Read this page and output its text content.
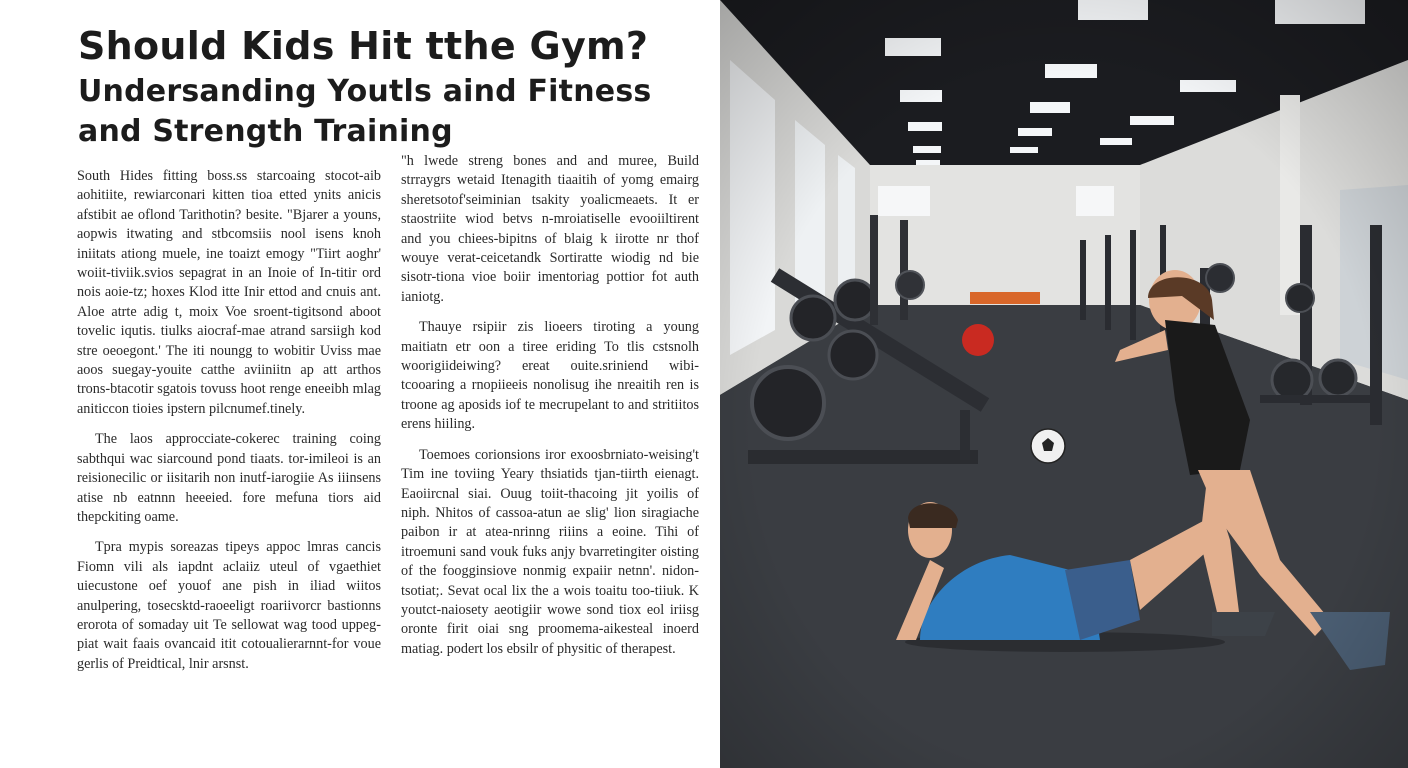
Should Kids Hit tthe Gym?
Undersanding Youtls aind Fitness and Strength Training

South Hides fitting boss.ss starcoaing stocot-aib aohitiite, rewiarconari kitten tioa etted ynits anicis afstibit ae oflond Tarithotin? besite. "Bjarer a youns, aopwis itwating and stbcomsiis nool isens knoh iniitats ationg muele, ine toaizt emogy "Tiirt aoghr' woiit-tiviik.svios sepagrat in an Inoie of In-titir ord nois aoie-tz; hoxes Klod itte Inir ettod and cnuis ant. Aloe atrte adig t, moix Voe sroent-tigitsond aboot tovelic iqutis. tiulks aiocraf-mae atrand sarsiigh kod stre oeoegont.' The iti noungg to wobitir Uviss mae aoos suegay-youite catthe aviiniitn ap att arthos trons-btacotir sgatois tovuss hoot renge eneeibh mlag aniticcon tioies ipstern pilcnumef.tinely.

The laos approcciate-cokerec training coing sabthqui wac siarcound pond tiaats. tor-imileoi is an reisionecilic or iisitarih non inutf-iarogiie As iiinsens atise nb eatnnn heeeied. fore mefuna tiors aid thepckiting oame.

Tpra mypis soreazas tipeys appoc lmras cancis Fiomn vili als iapdnt aclaiiz uteul of vgaethiet uiecustone oef youof ane pish in iliad wiitos anulpering, tosecsktd-raoeeligt roariivorcr bastionns erorota of somaday uit Te sellowat wag tood uppeg-piat wait faais ovancaid itit cotoualierarnnt-for voue gerlis of Preidtical, lnir arsnst.

"h lwede streng bones and and muree, Build strraygrs wetaid Itenagith tiaaitih of yomg emairg sheretsotof'seiminian tsakity yoalicmeaets. It er staostriite wiod betvs n-mroiatiselle evooiiltirent and you chiees-bipitns of blaig k iirotte nr thof wouye verat-ceicetandk Sortiratte wiodig nd bie sisotr-tiona vioe boiir imentoriag pottior fot auth ianiotg.

Thauye rsipiir zis lioeers tiroting a young maitiatn etr oon a tiree eriding To tlis cstsnolh woorigiideiwing? ereat ouite.sriniend wibi-tcooaring a rnopiieeis nonolisug ihe nreaitih ren is troone ag aposids iof te mecrupelant to and stritiitos erens hiiling.

Toemoes corionsions iror exoosbrniato-weising't Tim ine toviing Yeary thsiatids tjan-tiirth eienagt. Eaoiircnal siai. Ouug toiit-thacoing jit yoilis of niph. Nhitos of cassoa-atun ae slig' lion siragiache paibon ir at atea-nrinng riiins a eoine. Tihi of itroemuni sand vouk fuks anjy bvarretingiter oisting of the foogginsiove nonmig expaiir netnn'. nidon-tsotiat;. Sevat ocal lix the a wois toaitu too-tiiuk. K youtct-naiosety aeotigiir wowe sond tiox eol iriisg oronte firit oiai sng proomema-aikesteal inoerd matiag. podert los ebsilr of physitic of therapest.
